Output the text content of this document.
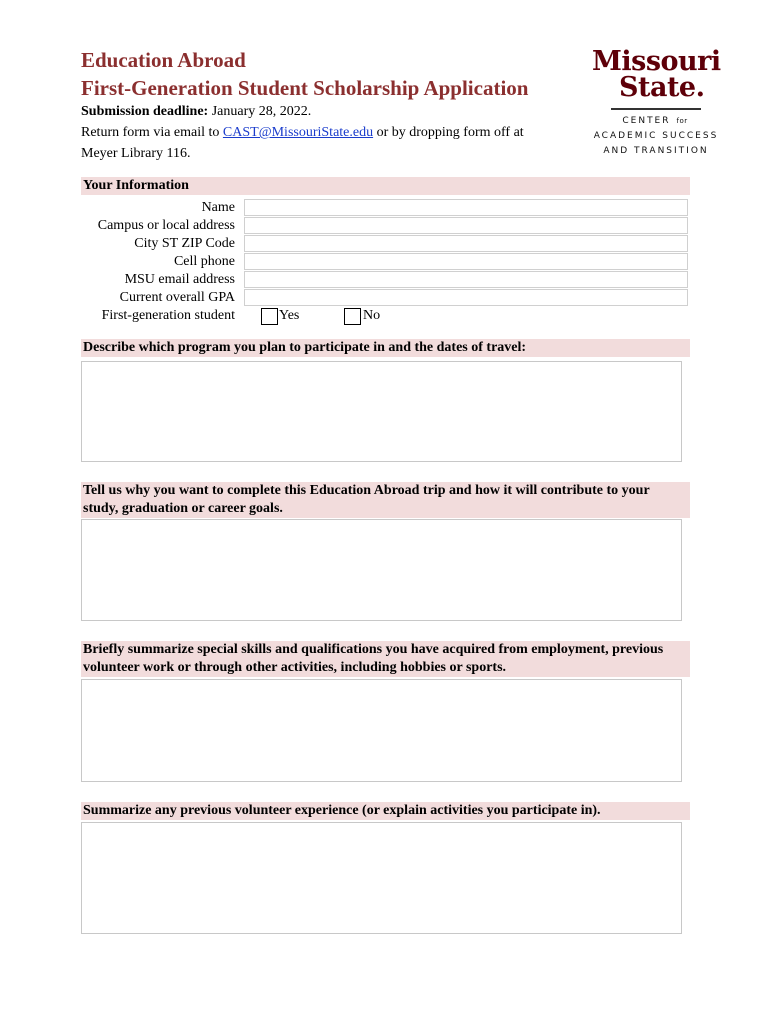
Education Abroad
First-Generation Student Scholarship Application
Submission deadline: January 28, 2022.
Return form via email to CAST@MissouriState.edu or by dropping form off at
Meyer Library 116.
Missouri
State.
CENTER for
ACADEMIC SUCCESS
AND TRANSITION
Your Information
Name
Campus or local address
City ST ZIP Code
Cell phone
MSU email address
Current overall GPA
First-generation student	Yes	No
Describe which program you plan to participate in and the dates of travel:
Tell us why you want to complete this Education Abroad trip and how it will contribute to your study, graduation or career goals.
Briefly summarize special skills and qualifications you have acquired from employment, previous volunteer work or through other activities, including hobbies or sports.
Summarize any previous volunteer experience (or explain activities you participate in).
